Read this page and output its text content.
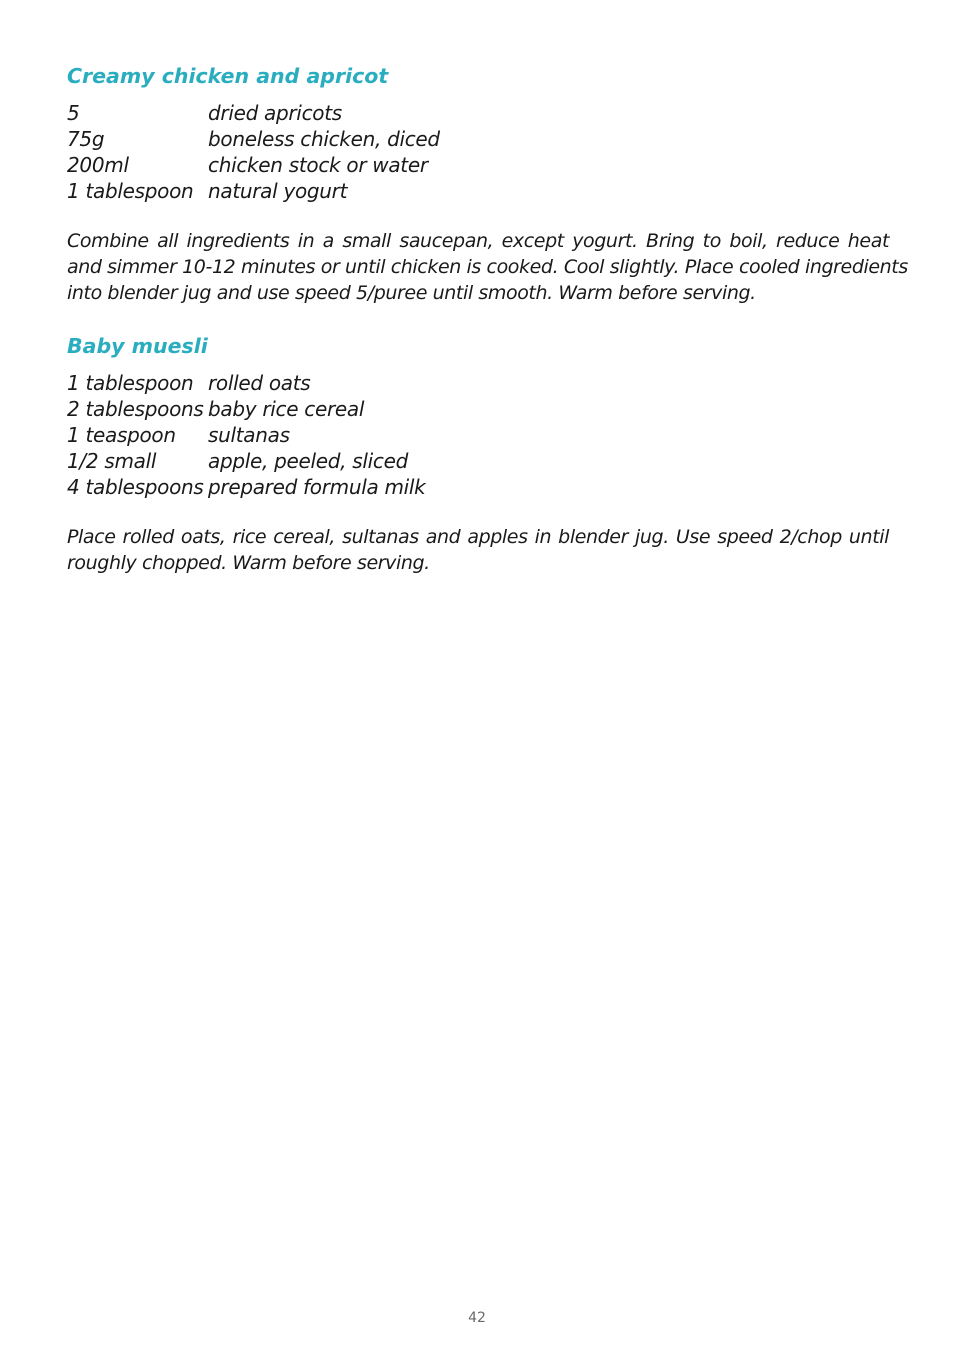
Creamy chicken and apricot
5	dried apricots
75g	boneless chicken, diced
200ml	chicken stock or water
1 tablespoon natural yogurt
Combine all ingredients in a small saucepan, except yogurt. Bring to boil, reduce heat
and simmer 10-12 minutes or until chicken is cooked. Cool slightly. Place cooled ingredients
into blender jug and use speed 5/puree until smooth. Warm before serving.
Baby muesli
1 tablespoon rolled oats
2 tablespoons baby rice cereal
1 teaspoon	sultanas
1/2 small	apple, peeled, sliced
4 tablespoons prepared formula milk
Place rolled oats, rice cereal, sultanas and apples in blender jug. Use speed 2/chop until
roughly chopped. Warm before serving.
42
